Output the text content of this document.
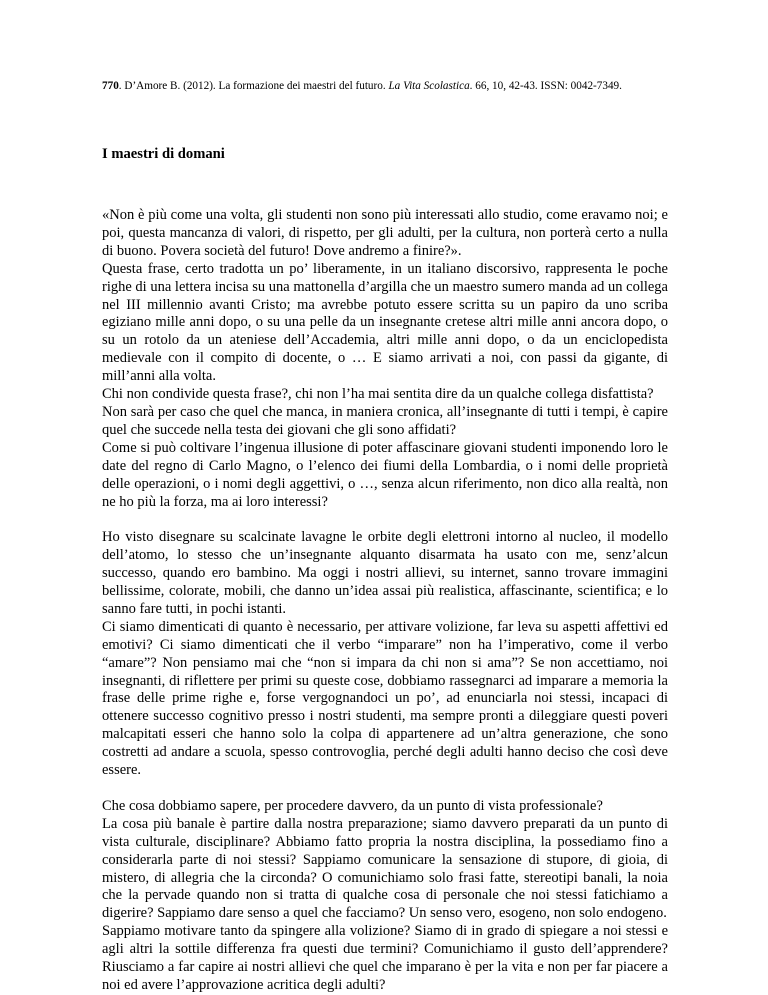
770. D’Amore B. (2012). La formazione dei maestri del futuro. La Vita Scolastica. 66, 10, 42-43. ISSN: 0042-7349.
I maestri di domani

«Non è più come una volta, gli studenti non sono più interessati allo studio, come eravamo noi; e poi, questa mancanza di valori, di rispetto, per gli adulti, per la cultura, non porterà certo a nulla di buono. Povera società del futuro! Dove andremo a finire?».

Questa frase, certo tradotta un po’ liberamente, in un italiano discorsivo, rappresenta le poche righe di una lettera incisa su una mattonella d’argilla che un maestro sumero manda ad un collega nel III millennio avanti Cristo; ma avrebbe potuto essere scritta su un papiro da uno scriba egiziano mille anni dopo, o su una pelle da un insegnante cretese altri mille anni ancora dopo, o su un rotolo da un ateniese dell’Accademia, altri mille anni dopo, o da un enciclopedista medievale con il compito di docente, o … E siamo arrivati a noi, con passi da gigante, di mill’anni alla volta.

Chi non condivide questa frase?, chi non l’ha mai sentita dire da un qualche collega disfattista?

Non sarà per caso che quel che manca, in maniera cronica, all’insegnante di tutti i tempi, è capire quel che succede nella testa dei giovani che gli sono affidati?

Come si può coltivare l’ingenua illusione di poter affascinare giovani studenti imponendo loro le date del regno di Carlo Magno, o l’elenco dei fiumi della Lombardia, o i nomi delle proprietà delle operazioni, o i nomi degli aggettivi, o …, senza alcun riferimento, non dico alla realtà, non ne ho più la forza, ma ai loro interessi?

Ho visto disegnare su scalcinate lavagne le orbite degli elettroni intorno al nucleo, il modello dell’atomo, lo stesso che un’insegnante alquanto disarmata ha usato con me, senz’alcun successo, quando ero bambino. Ma oggi i nostri allievi, su internet, sanno trovare immagini bellissime, colorate, mobili, che danno un’idea assai più realistica, affascinante, scientifica; e lo sanno fare tutti, in pochi istanti.

Ci siamo dimenticati di quanto è necessario, per attivare volizione, far leva su aspetti affettivi ed emotivi? Ci siamo dimenticati che il verbo “imparare” non ha l’imperativo, come il verbo “amare”? Non pensiamo mai che “non si impara da chi non si ama”? Se non accettiamo, noi insegnanti, di riflettere per primi su queste cose, dobbiamo rassegnarci ad imparare a memoria la frase delle prime righe e, forse vergognandoci un po’, ad enunciarla noi stessi, incapaci di ottenere successo cognitivo presso i nostri studenti, ma sempre pronti a dileggiare questi poveri malcapitati esseri che hanno solo la colpa di appartenere ad un’altra generazione, che sono costretti ad andare a scuola, spesso controvoglia, perché degli adulti hanno deciso che così deve essere.

Che cosa dobbiamo sapere, per procedere davvero, da un punto di vista professionale?

La cosa più banale è partire dalla nostra preparazione; siamo davvero preparati da un punto di vista culturale, disciplinare? Abbiamo fatto propria la nostra disciplina, la possediamo fino a considerarla parte di noi stessi? Sappiamo comunicare la sensazione di stupore, di gioia, di mistero, di allegria che la circonda? O comunichiamo solo frasi fatte, stereotipi banali, la noia che la pervade quando non si tratta di qualche cosa di personale che noi stessi fatichiamo a digerire? Sappiamo dare senso a quel che facciamo? Un senso vero, esogeno, non solo endogeno.

Sappiamo motivare tanto da spingere alla volizione? Siamo di in grado di spiegare a noi stessi e agli altri la sottile differenza fra questi due termini? Comunichiamo il gusto dell’apprendere? Riusciamo a far capire ai nostri allievi che quel che imparano è per la vita e non per far piacere a noi ed avere l’approvazione acritica degli adulti?
